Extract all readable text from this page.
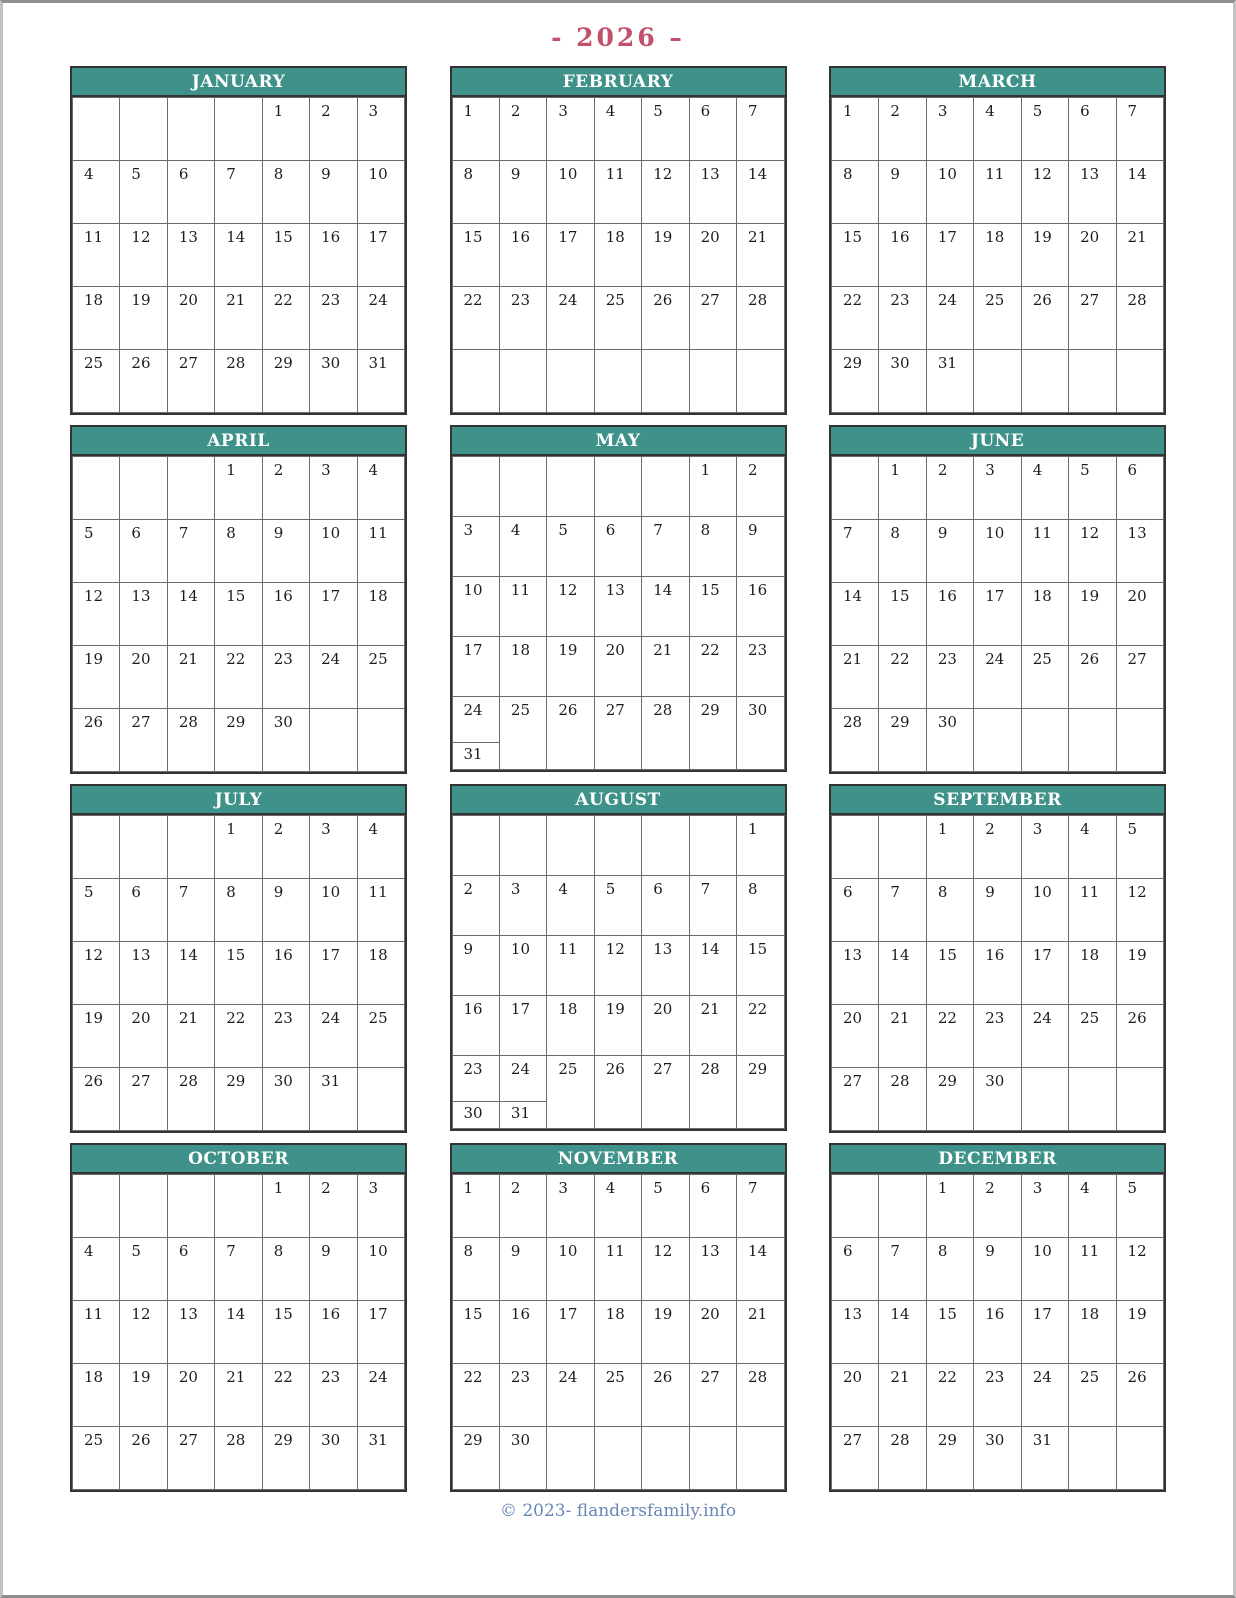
- 2026 –
JANUARY
				1	2	3
4	5	6	7	8	9	10
11	12	13	14	15	16	17
18	19	20	21	22	23	24
25	26	27	28	29	30	31
FEBRUARY
1	2	3	4	5	6	7
8	9	10	11	12	13	14
15	16	17	18	19	20	21
22	23	24	25	26	27	28

MARCH
1	2	3	4	5	6	7
8	9	10	11	12	13	14
15	16	17	18	19	20	21
22	23	24	25	26	27	28
29	30	31				
APRIL
			1	2	3	4
5	6	7	8	9	10	11
12	13	14	15	16	17	18
19	20	21	22	23	24	25
26	27	28	29	30		
MAY
					1	2
3	4	5	6	7	8	9
10	11	12	13	14	15	16
17	18	19	20	21	22	23
24	25	26	27	28	29	30
31						
JUNE
	1	2	3	4	5	6
7	8	9	10	11	12	13
14	15	16	17	18	19	20
21	22	23	24	25	26	27
28	29	30				
JULY
			1	2	3	4
5	6	7	8	9	10	11
12	13	14	15	16	17	18
19	20	21	22	23	24	25
26	27	28	29	30	31	
AUGUST
						1
2	3	4	5	6	7	8
9	10	11	12	13	14	15
16	17	18	19	20	21	22
23	24	25	26	27	28	29
30	31					
SEPTEMBER
		1	2	3	4	5
6	7	8	9	10	11	12
13	14	15	16	17	18	19
20	21	22	23	24	25	26
27	28	29	30			
OCTOBER
				1	2	3
4	5	6	7	8	9	10
11	12	13	14	15	16	17
18	19	20	21	22	23	24
25	26	27	28	29	30	31
NOVEMBER
1	2	3	4	5	6	7
8	9	10	11	12	13	14
15	16	17	18	19	20	21
22	23	24	25	26	27	28
29	30					
DECEMBER
		1	2	3	4	5
6	7	8	9	10	11	12
13	14	15	16	17	18	19
20	21	22	23	24	25	26
27	28	29	30	31		
© 2023- flandersfamily.info
